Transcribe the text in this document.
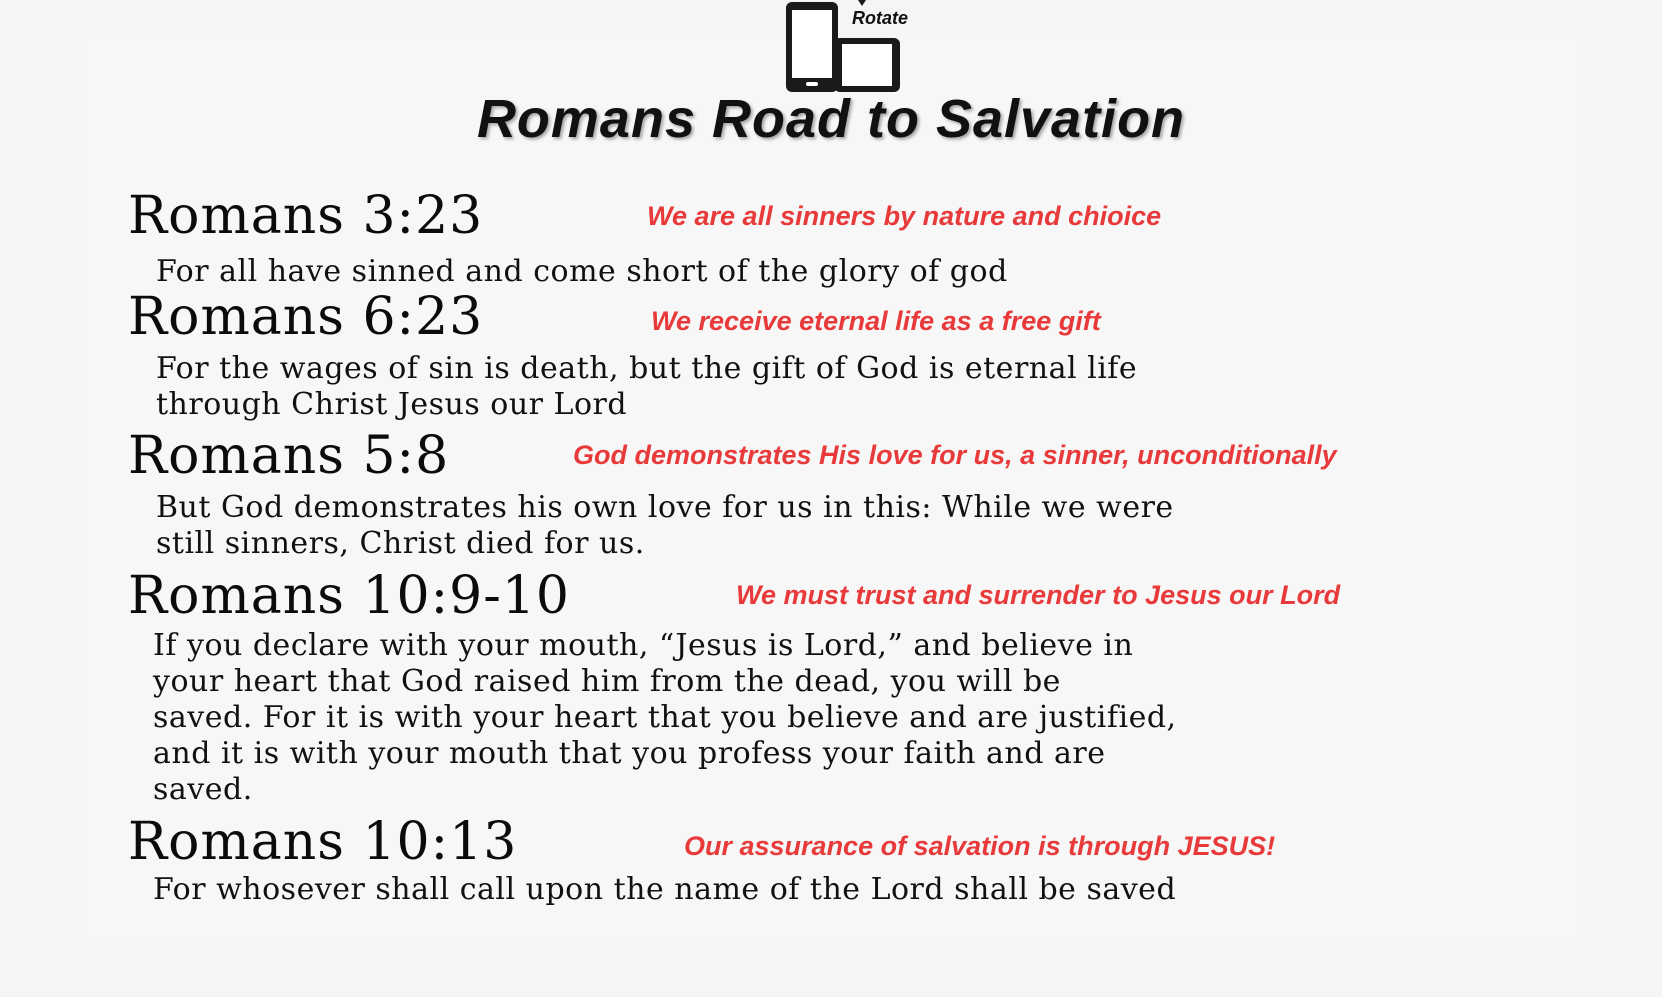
Rotate
Romans Road to Salvation
Romans 3:23	We are all sinners by nature and chioice
For all have sinned and come short of the glory of god
Romans 6:23	We receive eternal life as a free gift
For the wages of sin is death, but the gift of God is eternal life
through Christ Jesus our Lord
Romans 5:8	God demonstrates His love for us, a sinner, unconditionally
But God demonstrates his own love for us in this: While we were
still sinners, Christ died for us.
Romans 10:9-10	We must trust and surrender to Jesus our Lord
If you declare with your mouth, “Jesus is Lord,” and believe in
your heart that God raised him from the dead, you will be
saved. For it is with your heart that you believe and are justified,
and it is with your mouth that you profess your faith and are
saved.
Romans 10:13	Our assurance of salvation is through JESUS!
For whosever shall call upon the name of the Lord shall be saved
